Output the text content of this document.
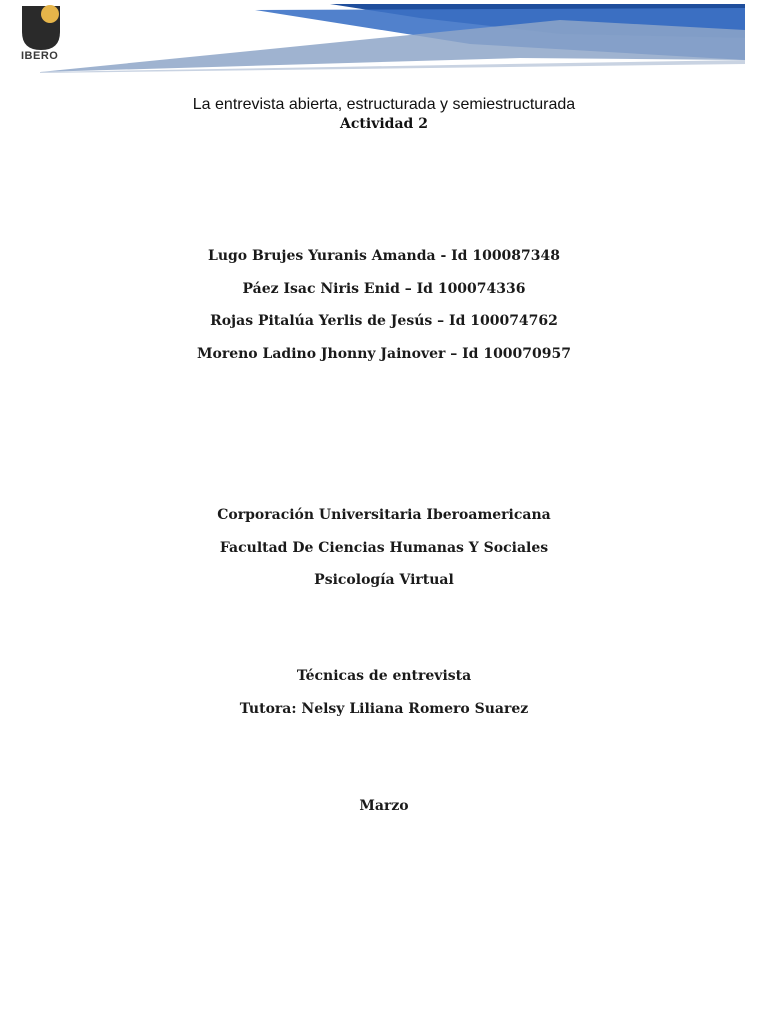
IBERO
La entrevista abierta, estructurada y semiestructurada
Actividad 2
Lugo Brujes Yuranis Amanda - Id 100087348
Páez Isac Niris Enid – Id 100074336
Rojas Pitalúa Yerlis de Jesús – Id 100074762
Moreno Ladino Jhonny Jainover – Id 100070957
Corporación Universitaria Iberoamericana
Facultad De Ciencias Humanas Y Sociales
Psicología Virtual
Técnicas de entrevista
Tutora: Nelsy Liliana Romero Suarez
Marzo
